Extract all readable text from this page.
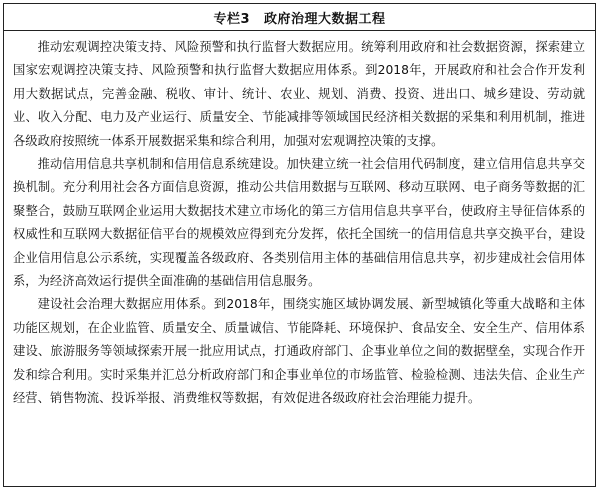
专栏3 政府治理大数据工程

推动宏观调控决策支持、风险预警和执行监督大数据应用。统筹利用政府和社会数据资源，探索建立国家宏观调控决策支持、风险预警和执行监督大数据应用体系。到2018年，开展政府和社会合作开发利用大数据试点，完善金融、税收、审计、统计、农业、规划、消费、投资、进出口、城乡建设、劳动就业、收入分配、电力及产业运行、质量安全、节能减排等领域国民经济相关数据的采集和利用机制，推进各级政府按照统一体系开展数据采集和综合利用，加强对宏观调控决策的支撑。

推动信用信息共享机制和信用信息系统建设。加快建立统一社会信用代码制度，建立信用信息共享交换机制。充分利用社会各方面信息资源，推动公共信用数据与互联网、移动互联网、电子商务等数据的汇聚整合，鼓励互联网企业运用大数据技术建立市场化的第三方信用信息共享平台，使政府主导征信体系的权威性和互联网大数据征信平台的规模效应得到充分发挥，依托全国统一的信用信息共享交换平台，建设企业信用信息公示系统，实现覆盖各级政府、各类别信用主体的基础信用信息共享，初步建成社会信用体系，为经济高效运行提供全面准确的基础信用信息服务。

建设社会治理大数据应用体系。到2018年，围绕实施区域协调发展、新型城镇化等重大战略和主体功能区规划，在企业监管、质量安全、质量诚信、节能降耗、环境保护、食品安全、安全生产、信用体系建设、旅游服务等领域探索开展一批应用试点，打通政府部门、企事业单位之间的数据壁垒，实现合作开发和综合利用。实时采集并汇总分析政府部门和企事业单位的市场监管、检验检测、违法失信、企业生产经营、销售物流、投诉举报、消费维权等数据，有效促进各级政府社会治理能力提升。
